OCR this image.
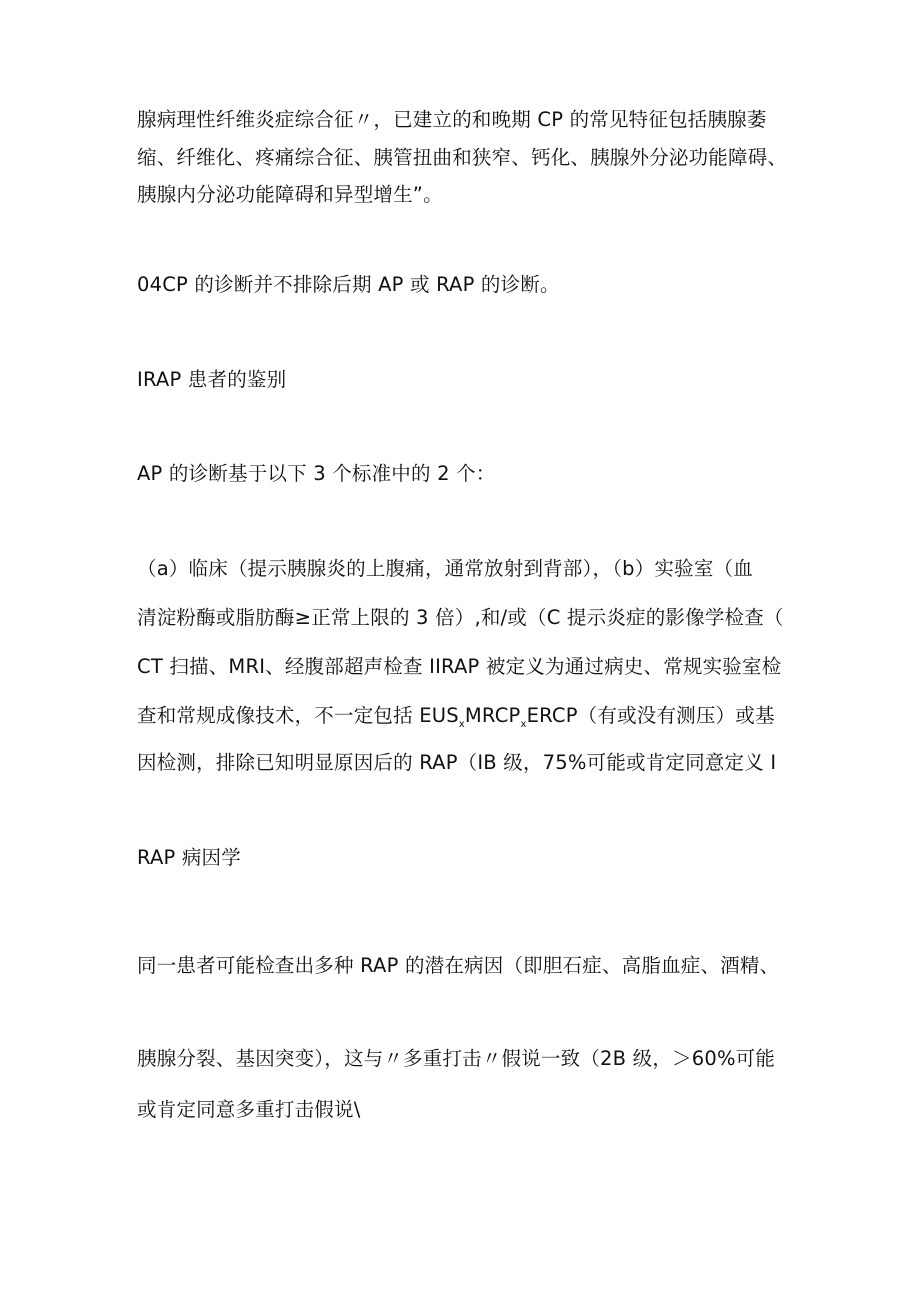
腺病理性纤维炎症综合征〃，已建立的和晚期 CP 的常见特征包括胰腺萎
缩、纤维化、疼痛综合征、胰管扭曲和狭窄、钙化、胰腺外分泌功能障碍、
胰腺内分泌功能障碍和异型增生”。
04CP 的诊断并不排除后期 AP 或 RAP 的诊断。
IRAP 患者的鉴别
AP 的诊断基于以下 3 个标准中的 2 个：
（a）临床（提示胰腺炎的上腹痛，通常放射到背部），（b）实验室（血
清淀粉酶或脂肪酶≥正常上限的 3 倍）,和/或（C 提示炎症的影像学检查（
CT 扫描、MRI、经腹部超声检查 IIRAP 被定义为通过病史、常规实验室检
查和常规成像技术，不一定包括 $EUS_xMRCP_xERCP$（有或没有测压）或基
因检测，排除已知明显原因后的 RAP（IB 级，75%可能或肯定同意定义 I
RAP 病因学
同一患者可能检查出多种 RAP 的潜在病因（即胆石症、高脂血症、酒精、
胰腺分裂、基因突变），这与〃多重打击〃假说一致（2B 级，＞60%可能
或肯定同意多重打击假说\
